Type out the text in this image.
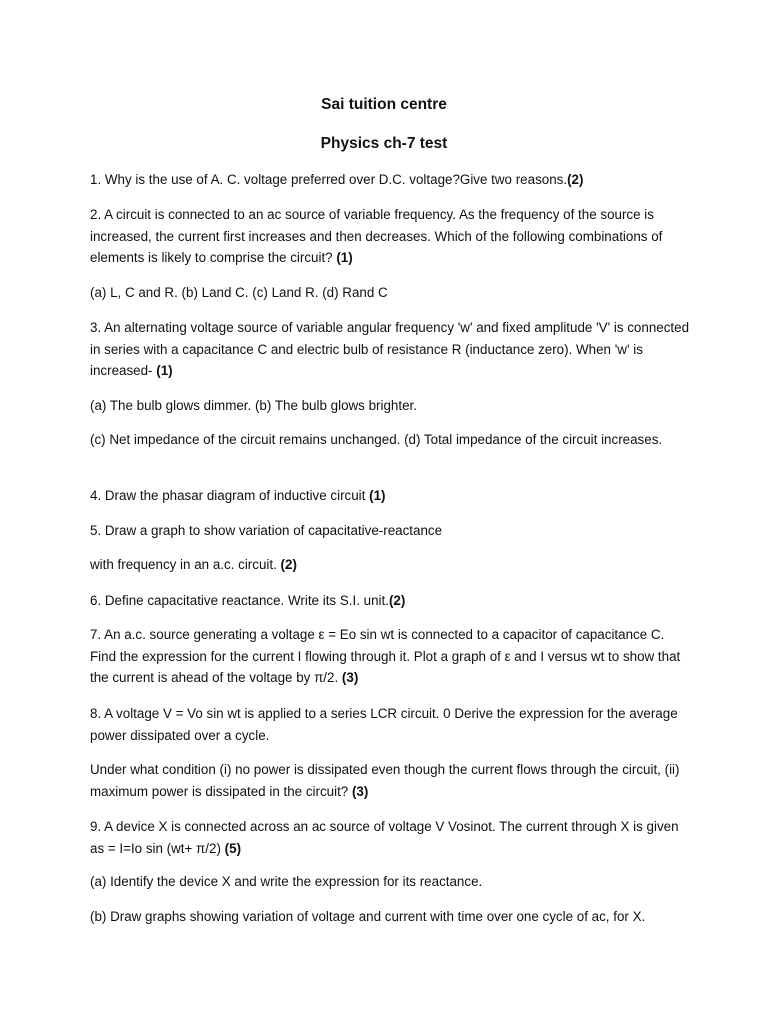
Sai tuition centre
Physics ch-7 test

1. Why is the use of A. C. voltage preferred over D.C. voltage?Give two reasons.(2)

2. A circuit is connected to an ac source of variable frequency. As the frequency of the source is increased, the current first increases and then decreases. Which of the following combinations of elements is likely to comprise the circuit? (1)

(a) L, C and R. (b) Land C. (c) Land R. (d) Rand C

3. An alternating voltage source of variable angular frequency 'w' and fixed amplitude 'V' is connected in series with a capacitance C and electric bulb of resistance R (inductance zero). When 'w' is increased- (1)

(a) The bulb glows dimmer. (b) The bulb glows brighter.

(c) Net impedance of the circuit remains unchanged. (d) Total impedance of the circuit increases.

4. Draw the phasar diagram of inductive circuit (1)

5. Draw a graph to show variation of capacitative-reactance

with frequency in an a.c. circuit. (2)

6. Define capacitative reactance. Write its S.I. unit.(2)

7. An a.c. source generating a voltage ε = Eo sin wt is connected to a capacitor of capacitance C. Find the expression for the current I flowing through it. Plot a graph of ε and I versus wt to show that the current is ahead of the voltage by π/2. (3)

8. A voltage V = Vo sin wt is applied to a series LCR circuit. 0 Derive the expression for the average power dissipated over a cycle.

Under what condition (i) no power is dissipated even though the current flows through the circuit, (ii) maximum power is dissipated in the circuit? (3)

9. A device X is connected across an ac source of voltage V Vosinot. The current through X is given as = I=Io sin (wt+ π/2) (5)

(a) Identify the device X and write the expression for its reactance.

(b) Draw graphs showing variation of voltage and current with time over one cycle of ac, for X.
